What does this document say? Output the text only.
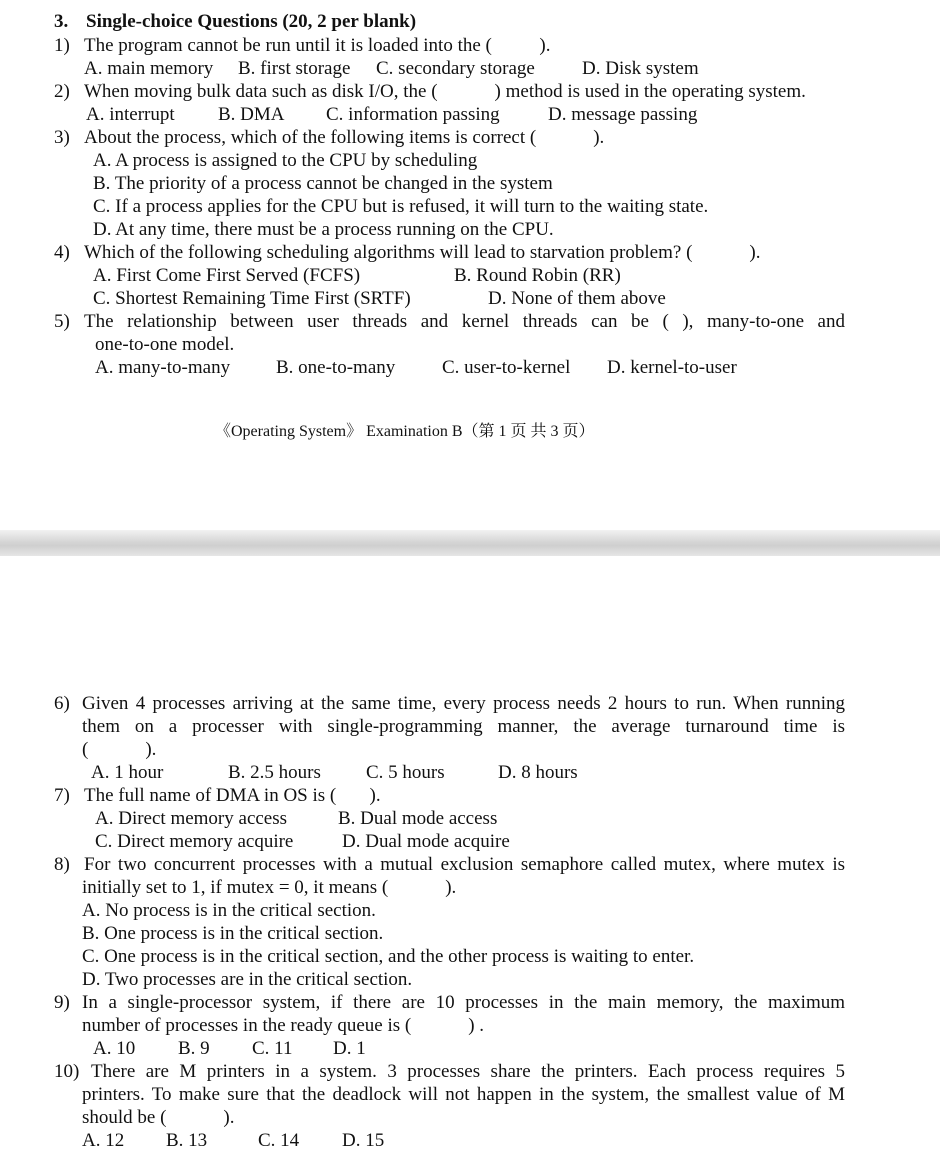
3. Single-choice Questions (20, 2 per blank)
1) The program cannot be run until it is loaded into the (          ).
A. main memory B. first storage C. secondary storage D. Disk system
2) When moving bulk data such as disk I/O, the (            ) method is used in the operating system.
A. interrupt B. DMA C. information passing	D. message passing
3) About the process, which of the following items is correct (            ).
A. A process is assigned to the CPU by scheduling
B. The priority of a process cannot be changed in the system
C. If a process applies for the CPU but is refused, it will turn to the waiting state.
D. At any time, there must be a process running on the CPU.
4) Which of the following scheduling algorithms will lead to starvation problem? (            ).
A. First Come First Served (FCFS)	B. Round Robin (RR)
C. Shortest Remaining Time First (SRTF)	D. None of them above
5) The relationship between user threads and kernel threads can be ( ), many-to-one and
one-to-one model.
A. many-to-many B. one-to-many C. user-to-kernel D. kernel-to-user
《Operating System》 Examination B（第 1 页 共 3 页）
6) Given 4 processes arriving at the same time, every process needs 2 hours to run. When running
them on a processer with single-programming manner, the average turnaround time is
(            ).
A. 1 hour	B. 2.5 hours C. 5 hours	D. 8 hours
7) The full name of DMA in OS is (       ).
A. Direct memory access	B. Dual mode access
C. Direct memory acquire	D. Dual mode acquire
8) For two concurrent processes with a mutual exclusion semaphore called mutex, where mutex is
initially set to 1, if mutex = 0, it means (            ).
A. No process is in the critical section.
B. One process is in the critical section.
C. One process is in the critical section, and the other process is waiting to enter.
D. Two processes are in the critical section.
9) In a single-processor system, if there are 10 processes in the main memory, the maximum
number of processes in the ready queue is (            ) .
A. 10 B. 9 C. 11 D. 1
10) There are M printers in a system. 3 processes share the printers. Each process requires 5
printers. To make sure that the deadlock will not happen in the system, the smallest value of M
should be (            ).
A. 12 B. 13	C. 14 D. 15
